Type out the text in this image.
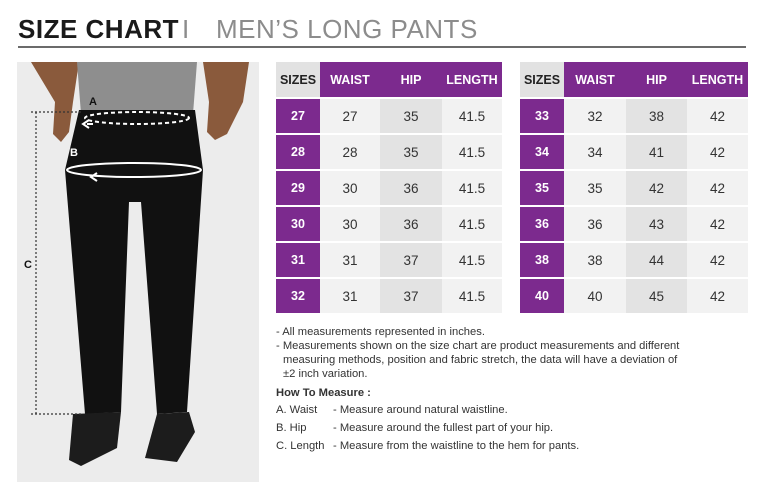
SIZE CHART I MEN’S LONG PANTS
A
B
C
SIZES	WAIST	HIP	LENGTH
27	27	35	41.5
28	28	35	41.5
29	30	36	41.5
30	30	36	41.5
31	31	37	41.5
32	31	37	41.5
SIZES	WAIST	HIP	LENGTH
33	32	38	42
34	34	41	42
35	35	42	42
36	36	43	42
38	38	44	42
40	40	45	42

- All measurements represented in inches.

- Measurements shown on the size chart are product measurements and different

measuring methods, position and fabric stretch, the data will have a deviation of

±2 inch variation.

How To Measure :
A. Waist - Measure around natural waistline.
B. Hip - Measure around the fullest part of your hip.
C. Length - Measure from the waistline to the hem for pants.
